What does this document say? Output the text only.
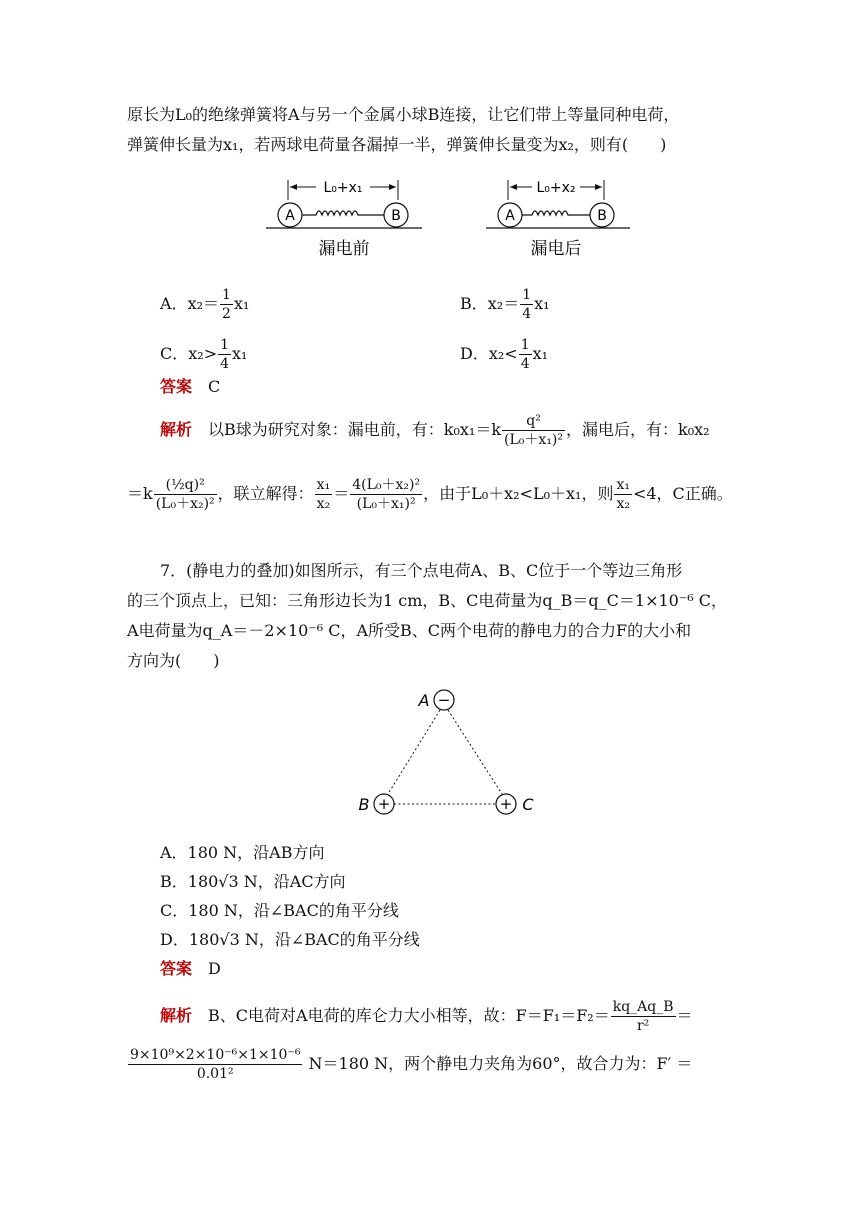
原长为L₀的绝缘弹簧将A与另一个金属小球B连接，让它们带上等量同种电荷，
弹簧伸长量为x₁，若两球电荷量各漏掉一半，弹簧伸长量变为x₂，则有(　　)
L₀+x₁
A	B
漏电前
L₀+x₂
A	B
漏电后
A．$x_2= \frac{1}{2} x_1$	B．$x_2= \frac{1}{4} x_1$
C．$x_2> \frac{1}{4} x_1$	D．$x_2< \frac{1}{4} x_1$
答案　 C
解析　 以B球为研究对象：漏电前，有：$k_0x_1=k \frac{\text{q²}}{\text{(L₀＋x₁)²}}$ ，漏电后，有：k₀x₂
$=k \frac{\text{(½q)²}}{\text{(L₀＋x₂)²}}$ ，联立解得： $\frac{\text{x₁}}{\text{x₂}} = \frac{\text{4(L₀＋x₂)²}}{\text{(L₀＋x₁)²}}$ ，由于L₀＋x₂<L₀＋x₁，则 $\frac{\text{x₁}}{\text{x₂}} <4$，C正确。
7．(静电力的叠加)如图所示，有三个点电荷A、B、C位于一个等边三角形
的三个顶点上，已知：三角形边长为1 cm，B、C电荷量为q_B＝q_C＝1×10⁻⁶ C，
A电荷量为q_A＝－2×10⁻⁶ C，A所受B、C两个电荷的静电力的合力F的大小和
方向为(　　)
−
A
+
B	+ C
A．180 N，沿AB方向
B．180√3 N，沿AC方向
C．180 N，沿∠BAC的角平分线
D．180√3 N，沿∠BAC的角平分线
答案　 D
解析　 B、C电荷对A电荷的库仑力大小相等，故：$F=F_1=F_2= \frac{kq\_Aq\_B}{\text{r²}}$ ＝
$\frac{\text{9×10⁹×2×10⁻⁶×1×10⁻⁶}}{\text{0.01²}} N=180$ N，两个静电力夹角为60°，故合力为：F′ ＝
